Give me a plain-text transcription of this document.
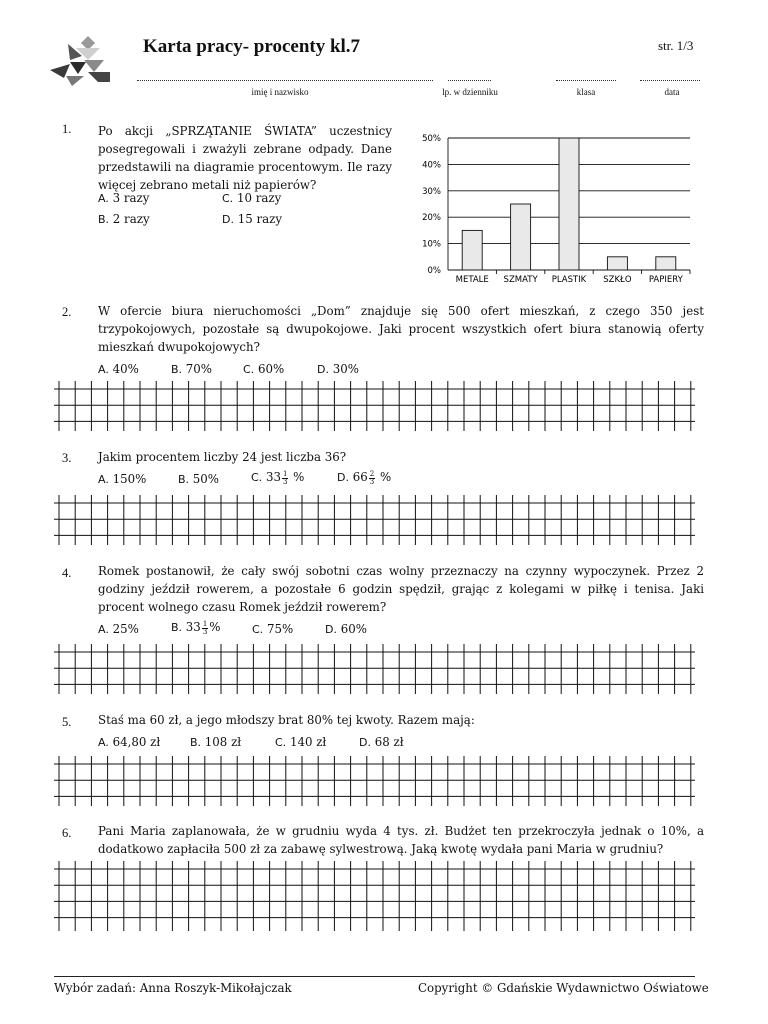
Karta pracy- procenty kl.7	str. 1/3
imię i nazwisko	lp. w dzienniku	klasa	data
1. Po akcji „SPRZĄTANIE ŚWIATA” uczestnicy posegregowali i zważyli zebrane odpady. Dane przedstawili na diagramie procentowym. Ile razy więcej zebrano metali niż papierów?
A. 3 razy
B. 2 razy
C. 10 razy
D. 15 razy
0%
10%
20%
30%
40%
50%
METALE SZMATY PLASTIK SZKŁO PAPIERY
2. W ofercie biura nieruchomości „Dom” znajduje się 500 ofert mieszkań, z czego 350 jest trzypokojowych, pozostałe są dwupokojowe. Jaki procent wszystkich ofert biura stanowią oferty mieszkań dwupokojowych?
A. 40%	B. 70%	C. 60%	D. 30%
3. Jakim procentem liczby 24 jest liczba 36?
A. 150%	B. 50%	C. $33 \frac{1}{3}$ %	D. $66 \frac{2}{3}$ %
4. Romek postanowił, że cały swój sobotni czas wolny przeznaczy na czynny wypoczynek. Przez 2 godziny jeździł rowerem, a pozostałe 6 godzin spędził, grając z kolegami w piłkę i tenisa. Jaki procent wolnego czasu Romek jeździł rowerem?
A. 25%	B. $33 \frac{1}{3}$ %	C. 75%	D. 60%
5. Staś ma 60 zł, a jego młodszy brat 80% tej kwoty. Razem mają:
A. 64,80 zł	B. 108 zł	C. 140 zł	D. 68 zł
6. Pani Maria zaplanowała, że w grudniu wyda 4 tys. zł. Budżet ten przekroczyła jednak o 10%, a dodatkowo zapłaciła 500 zł za zabawę sylwestrową. Jaką kwotę wydała pani Maria w grudniu?
Wybór zadań: Anna Roszyk-Mikołajczak	Copyright © Gdańskie Wydawnictwo Oświatowe
